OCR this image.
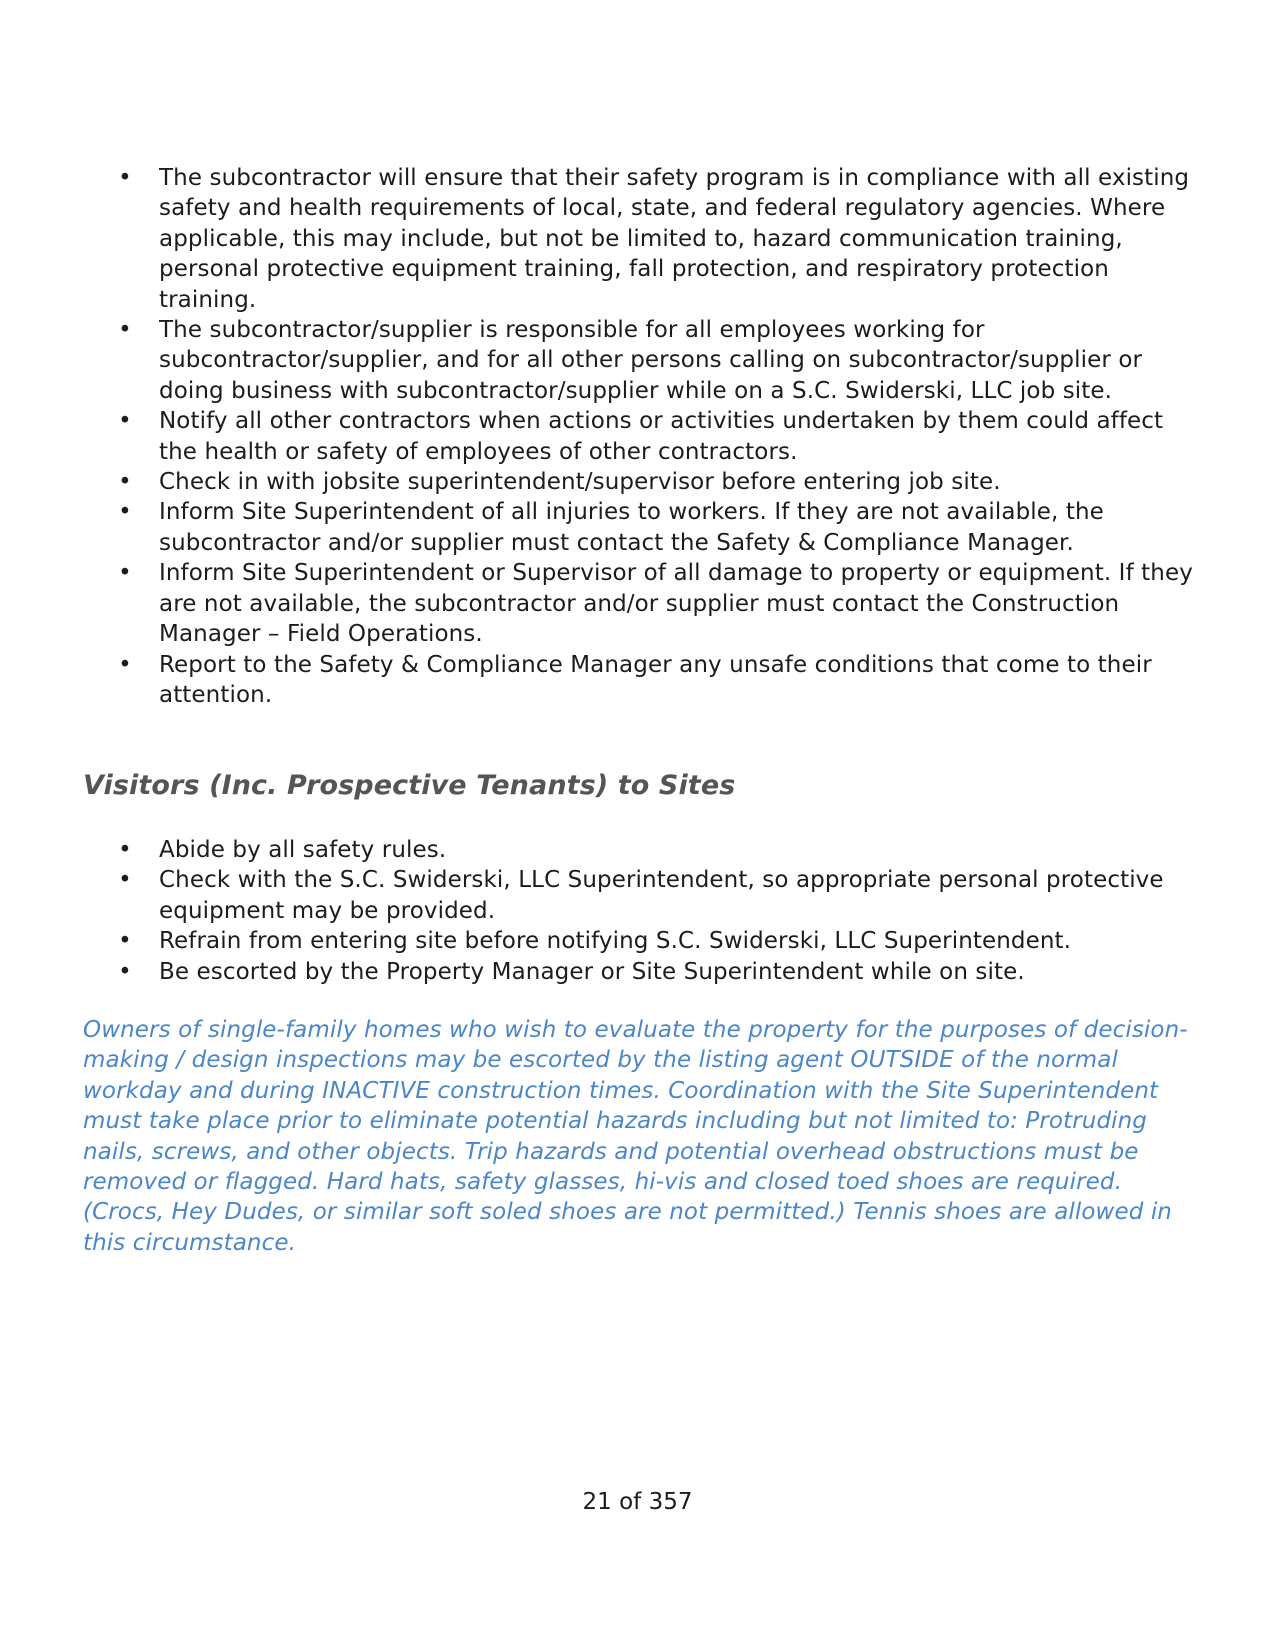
• The subcontractor will ensure that their safety program is in compliance with all existing safety and health requirements of local, state, and federal regulatory agencies. Where applicable, this may include, but not be limited to, hazard communication training, personal protective equipment training, fall protection, and respiratory protection training.
• The subcontractor/supplier is responsible for all employees working for subcontractor/supplier, and for all other persons calling on subcontractor/supplier or doing business with subcontractor/supplier while on a S.C. Swiderski, LLC job site.
• Notify all other contractors when actions or activities undertaken by them could affect the health or safety of employees of other contractors.
• Check in with jobsite superintendent/supervisor before entering job site.
• Inform Site Superintendent of all injuries to workers. If they are not available, the subcontractor and/or supplier must contact the Safety & Compliance Manager.
• Inform Site Superintendent or Supervisor of all damage to property or equipment. If they are not available, the subcontractor and/or supplier must contact the Construction Manager – Field Operations.
• Report to the Safety & Compliance Manager any unsafe conditions that come to their attention.
Visitors (Inc. Prospective Tenants) to Sites
• Abide by all safety rules.
• Check with the S.C. Swiderski, LLC Superintendent, so appropriate personal protective equipment may be provided.
• Refrain from entering site before notifying S.C. Swiderski, LLC Superintendent.
• Be escorted by the Property Manager or Site Superintendent while on site.

Owners of single-family homes who wish to evaluate the property for the purposes of decision-making / design inspections may be escorted by the listing agent OUTSIDE of the normal workday and during INACTIVE construction times. Coordination with the Site Superintendent must take place prior to eliminate potential hazards including but not limited to: Protruding nails, screws, and other objects. Trip hazards and potential overhead obstructions must be removed or flagged. Hard hats, safety glasses, hi-vis and closed toed shoes are required. (Crocs, Hey Dudes, or similar soft soled shoes are not permitted.) Tennis shoes are allowed in this circumstance.

21 of 357
